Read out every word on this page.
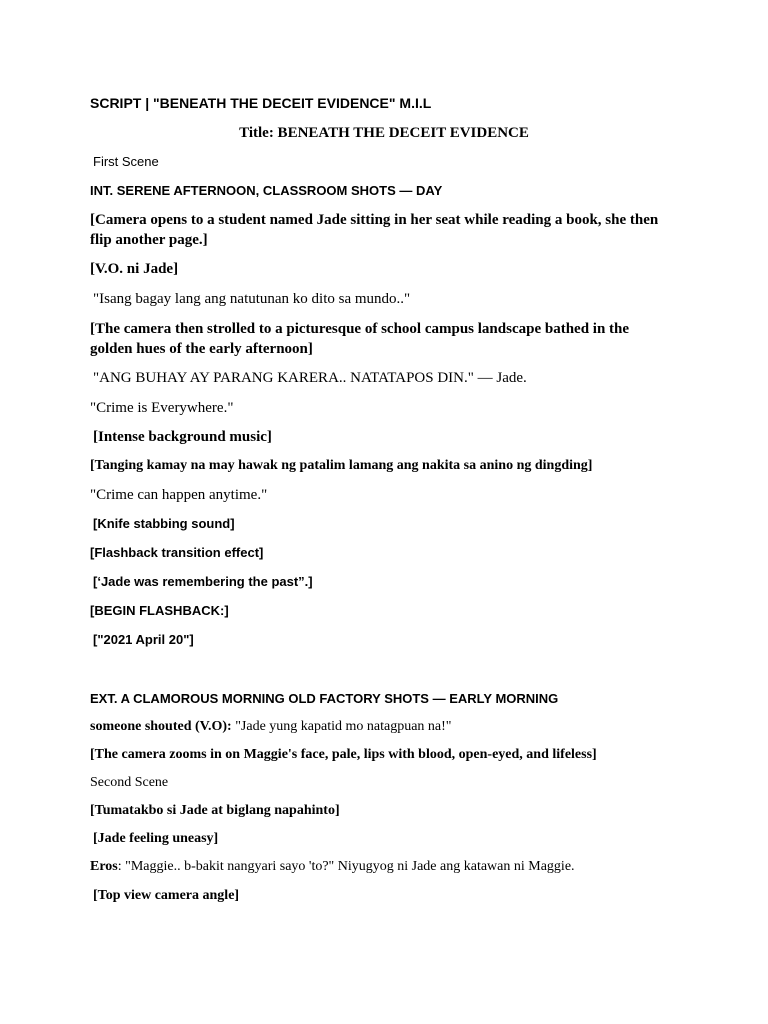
SCRIPT | "BENEATH THE DECEIT EVIDENCE" M.I.L
Title: BENEATH THE DECEIT EVIDENCE
First Scene
INT. SERENE AFTERNOON, CLASSROOM SHOTS — DAY
[Camera opens to a student named Jade sitting in her seat while reading a book, she then flip another page.]
[V.O. ni Jade]
"Isang bagay lang ang natutunan ko dito sa mundo.."
[The camera then strolled to a picturesque of school campus landscape bathed in the golden hues of the early afternoon]
"ANG BUHAY AY PARANG KARERA.. NATATAPOS DIN." — Jade.
"Crime is Everywhere."
[Intense background music]
[Tanging kamay na may hawak ng patalim lamang ang nakita sa anino ng dingding]
"Crime can happen anytime."
[Knife stabbing sound]
[Flashback transition effect]
[‘Jade was remembering the past”.]
[BEGIN FLASHBACK:]
["2021 April 20"]
EXT. A CLAMOROUS MORNING OLD FACTORY SHOTS — EARLY MORNING
someone shouted (V.O): "Jade yung kapatid mo natagpuan na!"
[The camera zooms in on Maggie's face, pale, lips with blood, open-eyed, and lifeless]
Second Scene
[Tumatakbo si Jade at biglang napahinto]
[Jade feeling uneasy]
Eros: "Maggie.. b-bakit nangyari sayo 'to?" Niyugyog ni Jade ang katawan ni Maggie.
[Top view camera angle]
